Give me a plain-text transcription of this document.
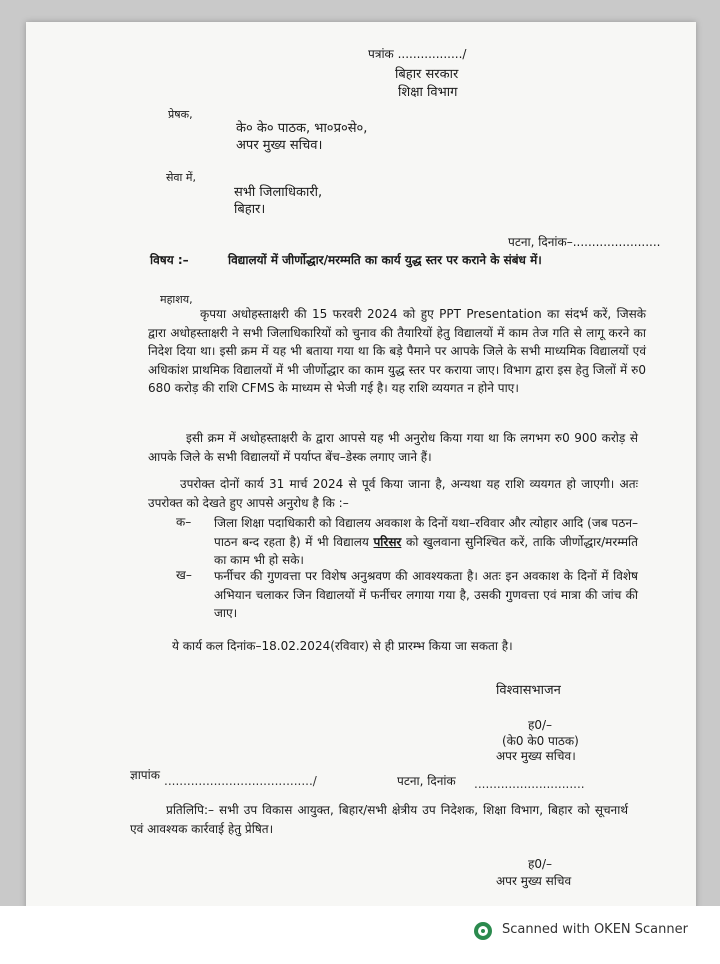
पत्रांक ................./
बिहार सरकार
शिक्षा विभाग
प्रेषक,
के० के० पाठक, भा०प्र०से०,
अपर मुख्य सचिव।
सेवा में,
सभी जिलाधिकारी,
बिहार।
पटना, दिनांक–.......................
विषय :–	विद्यालयों में जीर्णोद्धार/मरम्मति का कार्य युद्ध स्तर पर कराने के संबंध में।
महाशय,
कृपया अधोहस्ताक्षरी की 15 फरवरी 2024 को हुए PPT Presentation का संदर्भ करें, जिसके द्वारा अधोहस्ताक्षरी ने सभी जिलाधिकारियों को चुनाव की तैयारियों हेतु विद्यालयों में काम तेज गति से लागू करने का निदेश दिया था। इसी क्रम में यह भी बताया गया था कि बड़े पैमाने पर आपके जिले के सभी माध्यमिक विद्यालयों एवं अधिकांश प्राथमिक विद्यालयों में भी जीर्णोद्धार का काम युद्ध स्तर पर कराया जाए। विभाग द्वारा इस हेतु जिलों में रु0 680 करोड़ की राशि CFMS के माध्यम से भेजी गई है। यह राशि व्ययगत न होने पाए।
इसी क्रम में अधोहस्ताक्षरी के द्वारा आपसे यह भी अनुरोध किया गया था कि लगभग रु0 900 करोड़ से आपके जिले के सभी विद्यालयों में पर्याप्त बेंच–डेस्क लगाए जाने हैं।
उपरोक्त दोनों कार्य 31 मार्च 2024 से पूर्व किया जाना है, अन्यथा यह राशि व्ययगत हो जाएगी। अतः उपरोक्त को देखते हुए आपसे अनुरोध है कि :–
क– जिला शिक्षा पदाधिकारी को विद्यालय अवकाश के दिनों यथा–रविवार और त्योहार आदि (जब पठन–पाठन बन्द रहता है) में भी विद्यालय परिसर को खुलवाना सुनिश्चित करें, ताकि जीर्णोद्धार/मरम्मति का काम भी हो सके।
ख– फर्नीचर की गुणवत्ता पर विशेष अनुश्रवण की आवश्यकता है। अतः इन अवकाश के दिनों में विशेष अभियान चलाकर जिन विद्यालयों में फर्नीचर लगाया गया है, उसकी गुणवत्ता एवं मात्रा की जांच की जाए।
ये कार्य कल दिनांक–18.02.2024(रविवार) से ही प्रारम्भ किया जा सकता है।
विश्वासभाजन
ह0/–
(के0 के0 पाठक)
अपर मुख्य सचिव।
ज्ञापांक ......................................./	पटना, दिनांक .............................
प्रतिलिपि:– सभी उप विकास आयुक्त, बिहार/सभी क्षेत्रीय उप निदेशक, शिक्षा विभाग, बिहार को सूचनार्थ एवं आवश्यक कार्रवाई हेतु प्रेषित।
ह0/–
अपर मुख्य सचिव
Scanned with OKEN Scanner
